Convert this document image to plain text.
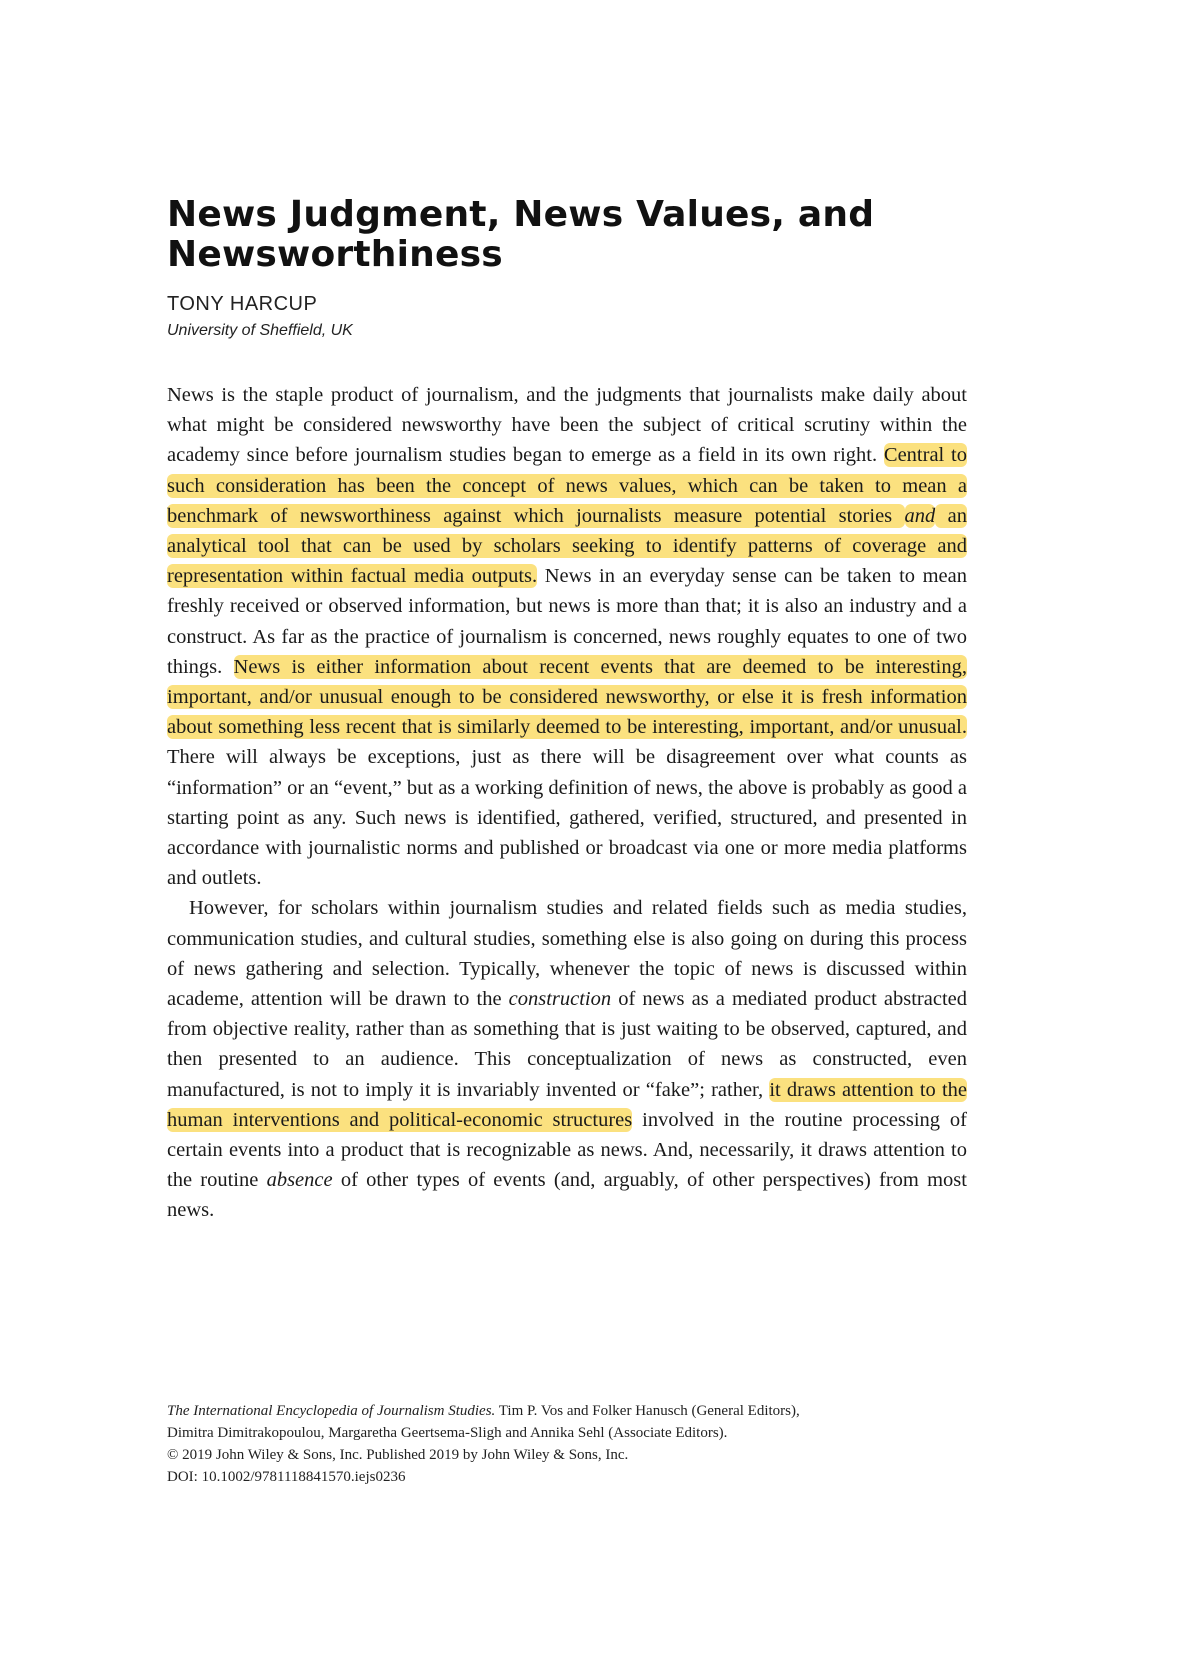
News Judgment, News Values, and Newsworthiness
TONY HARCUP
University of Sheffield, UK

News is the staple product of journalism, and the judgments that journalists make daily about what might be considered newsworthy have been the subject of critical scrutiny within the academy since before journalism studies began to emerge as a field in its own right. Central to such consideration has been the concept of news values, which can be taken to mean a benchmark of newsworthiness against which journalists measure potential stories and an analytical tool that can be used by scholars seeking to identify patterns of coverage and representation within factual media outputs. News in an everyday sense can be taken to mean freshly received or observed information, but news is more than that; it is also an industry and a construct. As far as the practice of journalism is concerned, news roughly equates to one of two things. News is either information about recent events that are deemed to be interesting, important, and/or unusual enough to be considered newsworthy, or else it is fresh information about something less recent that is similarly deemed to be interesting, important, and/or unusual. There will always be exceptions, just as there will be disagreement over what counts as “information” or an “event,” but as a working definition of news, the above is probably as good a starting point as any. Such news is identified, gathered, verified, structured, and presented in accordance with journalistic norms and published or broadcast via one or more media platforms and outlets.

However, for scholars within journalism studies and related fields such as media studies, communication studies, and cultural studies, something else is also going on during this process of news gathering and selection. Typically, whenever the topic of news is discussed within academe, attention will be drawn to the construction of news as a mediated product abstracted from objective reality, rather than as something that is just waiting to be observed, captured, and then presented to an audience. This conceptualization of news as constructed, even manufactured, is not to imply it is invariably invented or “fake”; rather, it draws attention to the human interventions and political-economic structures involved in the routine processing of certain events into a product that is recognizable as news. And, necessarily, it draws attention to the routine absence of other types of events (and, arguably, of other perspectives) from most news.

The International Encyclopedia of Journalism Studies. Tim P. Vos and Folker Hanusch (General Editors),
Dimitra Dimitrakopoulou, Margaretha Geertsema-Sligh and Annika Sehl (Associate Editors).
© 2019 John Wiley & Sons, Inc. Published 2019 by John Wiley & Sons, Inc.
DOI: 10.1002/9781118841570.iejs0236
